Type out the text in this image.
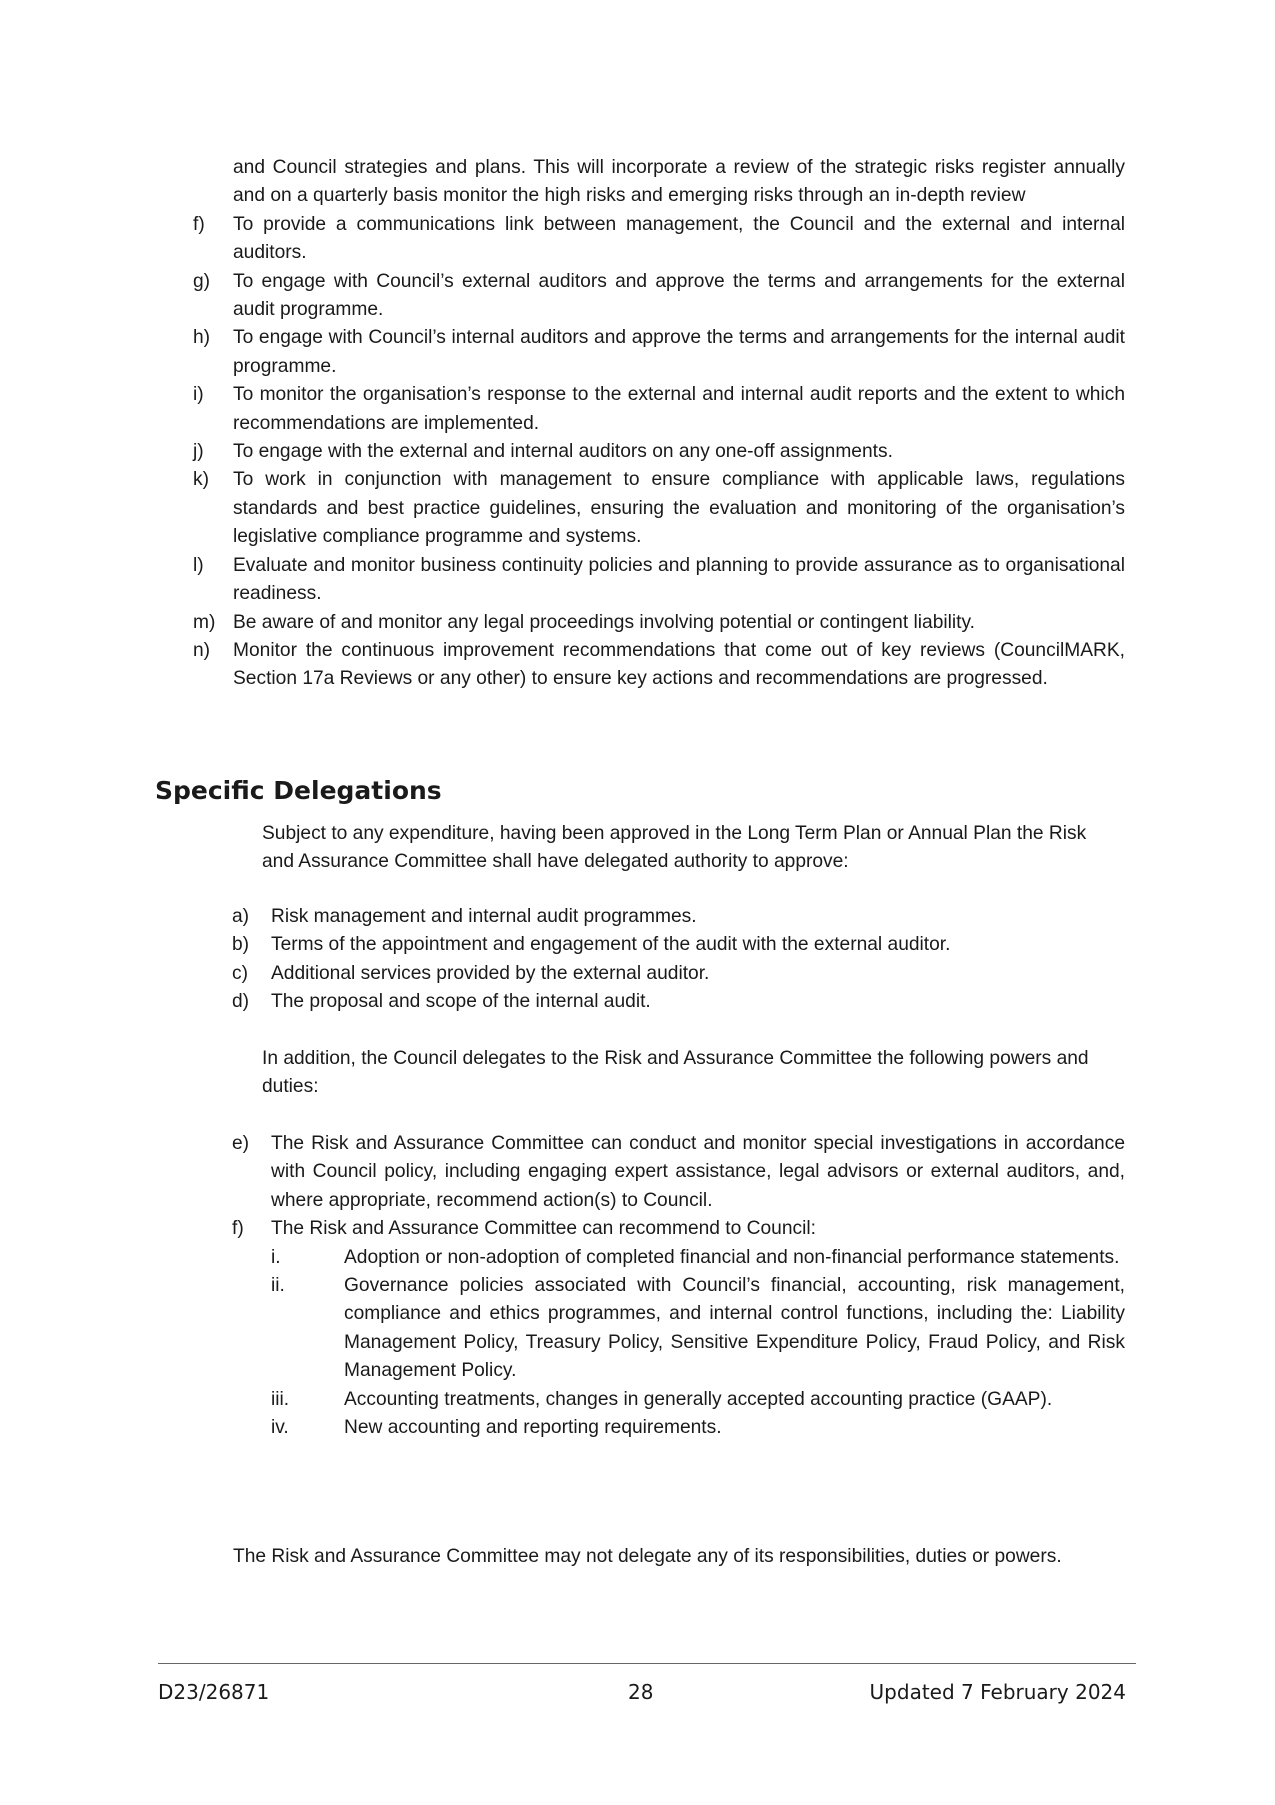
and Council strategies and plans. This will incorporate a review of the strategic risks register annually and on a quarterly basis monitor the high risks and emerging risks through an in-depth review
f)	To provide a communications link between management, the Council and the external and internal auditors.
g)	To engage with Council’s external auditors and approve the terms and arrangements for the external audit programme.
h)	To engage with Council’s internal auditors and approve the terms and arrangements for the internal audit programme.
i)	To monitor the organisation’s response to the external and internal audit reports and the extent to which recommendations are implemented.
j)	To engage with the external and internal auditors on any one-off assignments.
k)	To work in conjunction with management to ensure compliance with applicable laws, regulations standards and best practice guidelines, ensuring the evaluation and monitoring of the organisation’s legislative compliance programme and systems.
l)	Evaluate and monitor business continuity policies and planning to provide assurance as to organisational readiness.
m) Be aware of and monitor any legal proceedings involving potential or contingent liability.
n)	Monitor the continuous improvement recommendations that come out of key reviews (CouncilMARK, Section 17a Reviews or any other) to ensure key actions and recommendations are progressed.
Specific Delegations
Subject to any expenditure, having been approved in the Long Term Plan or Annual Plan the Risk and Assurance Committee shall have delegated authority to approve:
a)	Risk management and internal audit programmes.
b)	Terms of the appointment and engagement of the audit with the external auditor.
c)	Additional services provided by the external auditor.
d)	The proposal and scope of the internal audit.
In addition, the Council delegates to the Risk and Assurance Committee the following powers and duties:
e)	The Risk and Assurance Committee can conduct and monitor special investigations in accordance with Council policy, including engaging expert assistance, legal advisors or external auditors, and, where appropriate, recommend action(s) to Council.
f)	The Risk and Assurance Committee can recommend to Council:
i.	Adoption or non-adoption of completed financial and non-financial performance statements.
ii.	Governance policies associated with Council’s financial, accounting, risk management, compliance and ethics programmes, and internal control functions, including the: Liability Management Policy, Treasury Policy, Sensitive Expenditure Policy, Fraud Policy, and Risk Management Policy.
iii.	Accounting treatments, changes in generally accepted accounting practice (GAAP).
iv.	New accounting and reporting requirements.
The Risk and Assurance Committee may not delegate any of its responsibilities, duties or powers.
D23/26871	28	Updated 7 February 2024
